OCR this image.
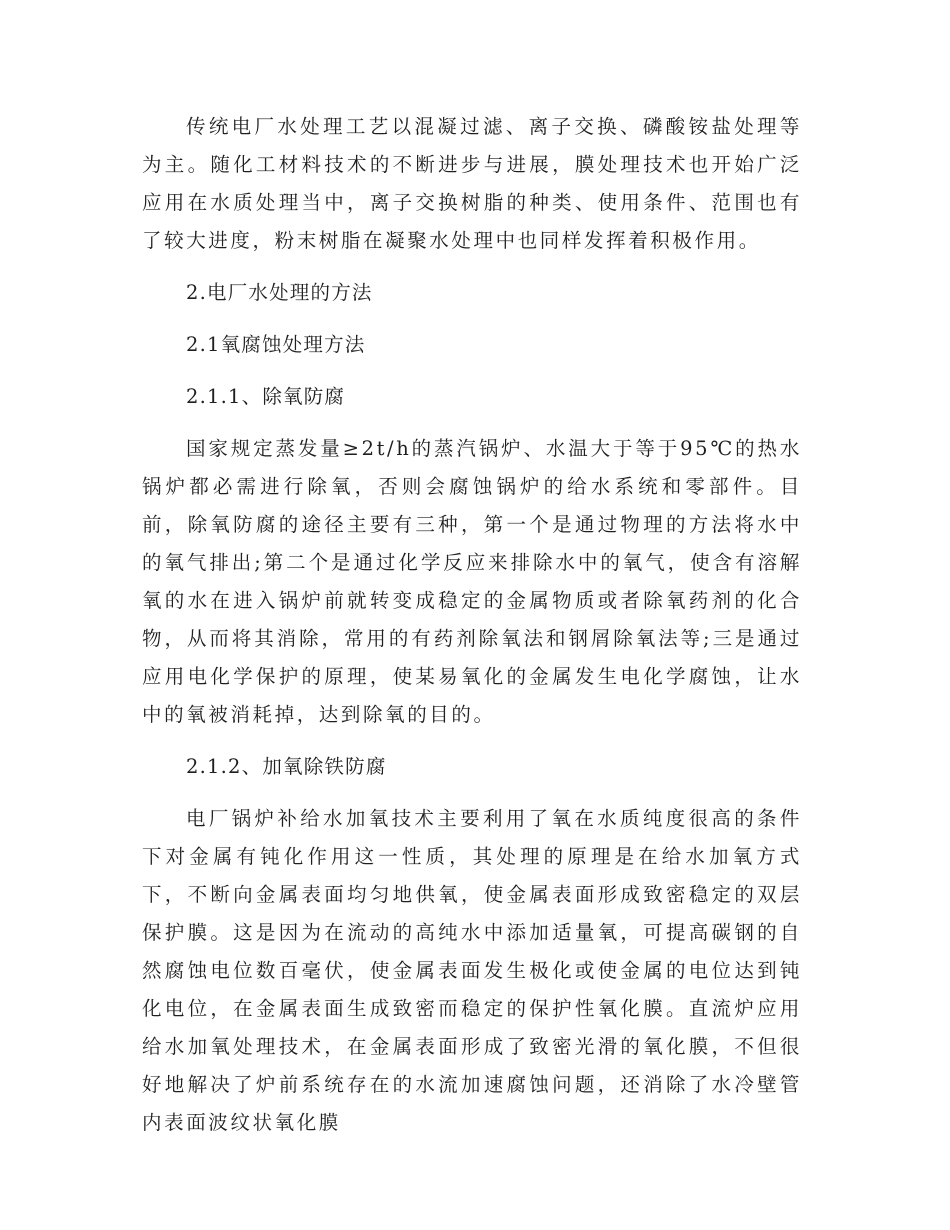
传统电厂水处理工艺以混凝过滤、离子交换、磷酸铵盐处理等为主。随化工材料技术的不断进步与进展，膜处理技术也开始广泛应用在水质处理当中，离子交换树脂的种类、使用条件、范围也有了较大进度，粉末树脂在凝聚水处理中也同样发挥着积极作用。

2.电厂水处理的方法

2.1氧腐蚀处理方法

2.1.1、除氧防腐

国家规定蒸发量≥2t/h的蒸汽锅炉、水温大于等于95℃的热水锅炉都必需进行除氧，否则会腐蚀锅炉的给水系统和零部件。目前，除氧防腐的途径主要有三种，第一个是通过物理的方法将水中的氧气排出;第二个是通过化学反应来排除水中的氧气，使含有溶解氧的水在进入锅炉前就转变成稳定的金属物质或者除氧药剂的化合物，从而将其消除，常用的有药剂除氧法和钢屑除氧法等;三是通过应用电化学保护的原理，使某易氧化的金属发生电化学腐蚀，让水中的氧被消耗掉，达到除氧的目的。

2.1.2、加氧除铁防腐

电厂锅炉补给水加氧技术主要利用了氧在水质纯度很高的条件下对金属有钝化作用这一性质，其处理的原理是在给水加氧方式下，不断向金属表面均匀地供氧，使金属表面形成致密稳定的双层保护膜。这是因为在流动的高纯水中添加适量氧，可提高碳钢的自然腐蚀电位数百毫伏，使金属表面发生极化或使金属的电位达到钝化电位，在金属表面生成致密而稳定的保护性氧化膜。直流炉应用给水加氧处理技术，在金属表面形成了致密光滑的氧化膜，不但很好地解决了炉前系统存在的水流加速腐蚀问题，还消除了水冷壁管内表面波纹状氧化膜
